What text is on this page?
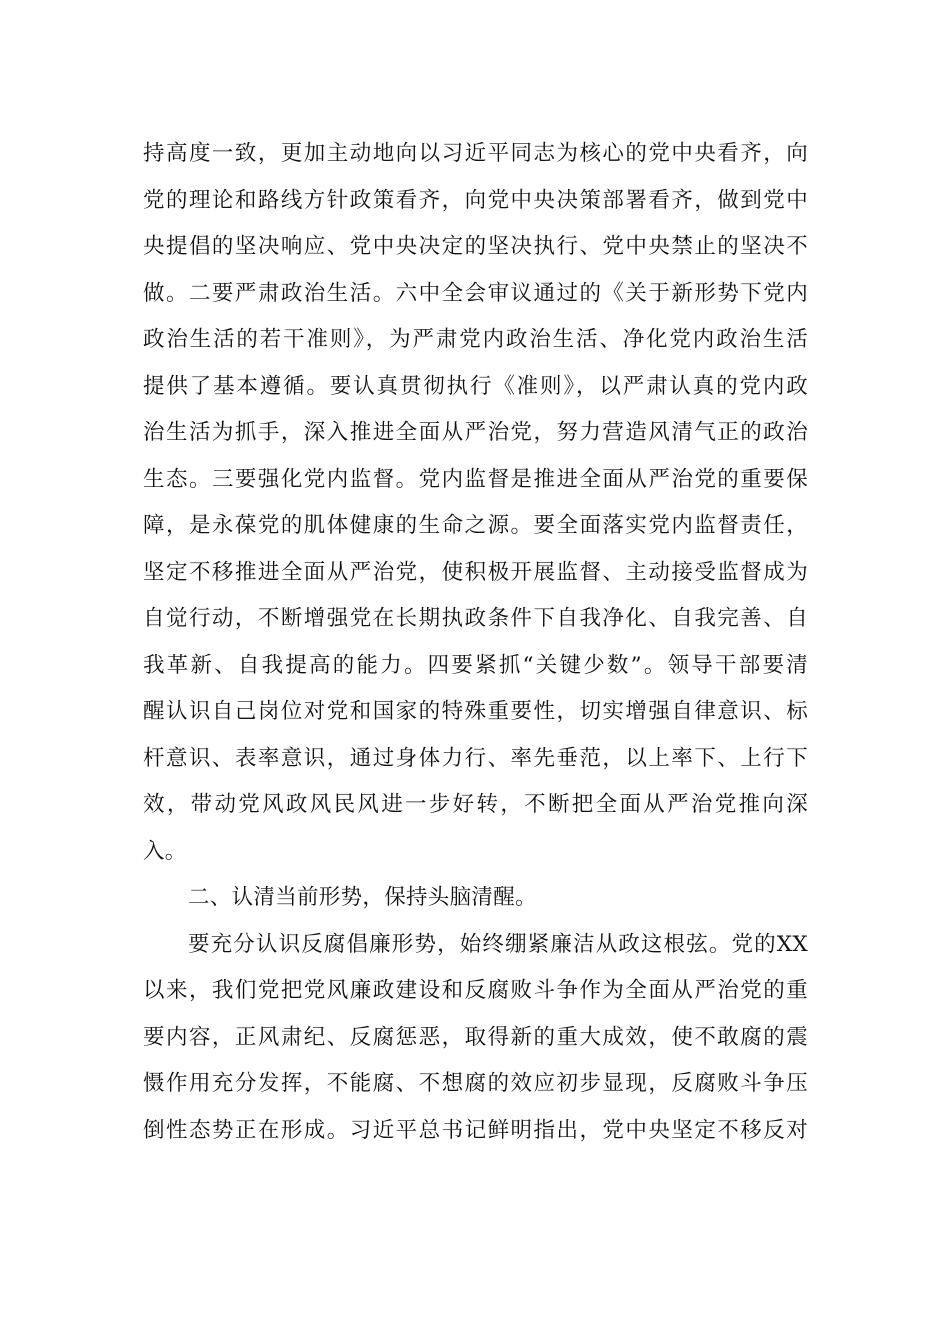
持高度一致，更加主动地向以习近平同志为核心的党中央看齐，向
党的理论和路线方针政策看齐，向党中央决策部署看齐，做到党中
央提倡的坚决响应、党中央决定的坚决执行、党中央禁止的坚决不
做。二要严肃政治生活。六中全会审议通过的《关于新形势下党内
政治生活的若干准则》，为严肃党内政治生活、净化党内政治生活
提供了基本遵循。要认真贯彻执行《准则》，以严肃认真的党内政
治生活为抓手，深入推进全面从严治党，努力营造风清气正的政治
生态。三要强化党内监督。党内监督是推进全面从严治党的重要保
障，是永葆党的肌体健康的生命之源。要全面落实党内监督责任，
坚定不移推进全面从严治党，使积极开展监督、主动接受监督成为
自觉行动，不断增强党在长期执政条件下自我净化、自我完善、自
我革新、自我提高的能力。四要紧抓“关键少数”。领导干部要清
醒认识自己岗位对党和国家的特殊重要性，切实增强自律意识、标
杆意识、表率意识，通过身体力行、率先垂范，以上率下、上行下
效，带动党风政风民风进一步好转，不断把全面从严治党推向深
入。
二、认清当前形势，保持头脑清醒。
要充分认识反腐倡廉形势，始终绷紧廉洁从政这根弦。党的XX
以来，我们党把党风廉政建设和反腐败斗争作为全面从严治党的重
要内容，正风肃纪、反腐惩恶，取得新的重大成效，使不敢腐的震
慑作用充分发挥，不能腐、不想腐的效应初步显现，反腐败斗争压
倒性态势正在形成。习近平总书记鲜明指出，党中央坚定不移反对
